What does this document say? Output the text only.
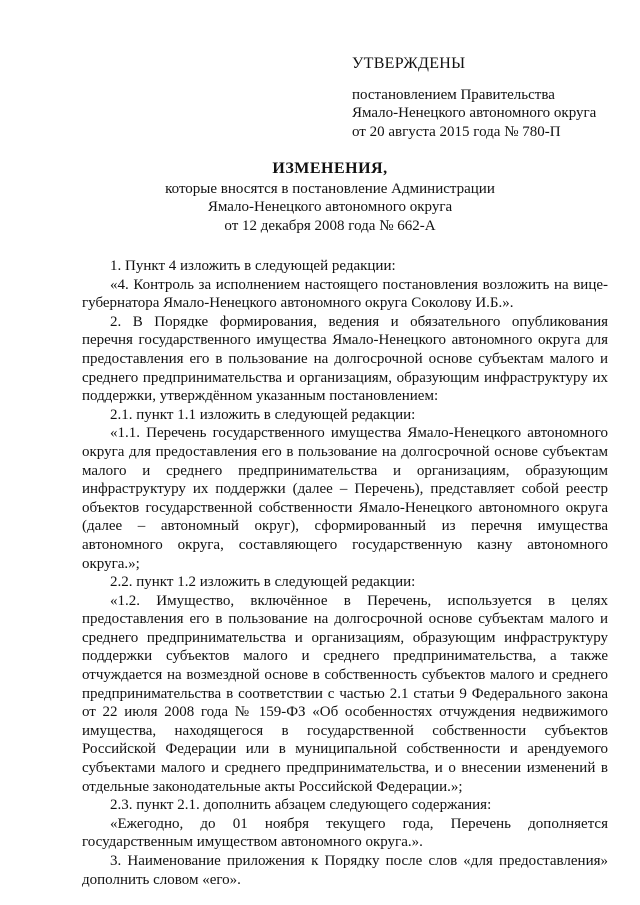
УТВЕРЖДЕНЫ
постановлением Правительства
Ямало-Ненецкого автономного округа
от 20 августа 2015 года № 780-П
ИЗМЕНЕНИЯ,
которые вносятся в постановление Администрации
Ямало-Ненецкого автономного округа
от 12 декабря 2008 года № 662-А

1. Пункт 4 изложить в следующей редакции:

«4. Контроль за исполнением настоящего постановления возложить на вице-губернатора Ямало-Ненецкого автономного округа Соколову И.Б.».

2. В Порядке формирования, ведения и обязательного опубликования перечня государственного имущества Ямало-Ненецкого автономного округа для предоставления его в пользование на долгосрочной основе субъектам малого и среднего предпринимательства и организациям, образующим инфраструктуру их поддержки, утверждённом указанным постановлением:

2.1. пункт 1.1 изложить в следующей редакции:

«1.1. Перечень государственного имущества Ямало-Ненецкого автономного округа для предоставления его в пользование на долгосрочной основе субъектам малого и среднего предпринимательства и организациям, образующим инфраструктуру их поддержки (далее – Перечень), представляет собой реестр объектов государственной собственности Ямало-Ненецкого автономного округа (далее – автономный округ), сформированный из перечня имущества автономного округа, составляющего государственную казну автономного округа.»;

2.2. пункт 1.2 изложить в следующей редакции:

«1.2. Имущество, включённое в Перечень, используется в целях предоставления его в пользование на долгосрочной основе субъектам малого и среднего предпринимательства и организациям, образующим инфраструктуру поддержки субъектов малого и среднего предпринимательства, а также отчуждается на возмездной основе в собственность субъектов малого и среднего предпринимательства в соответствии с частью 2.1 статьи 9 Федерального закона от 22 июля 2008 года № 159-ФЗ «Об особенностях отчуждения недвижимого имущества, находящегося в государственной собственности субъектов Российской Федерации или в муниципальной собственности и арендуемого субъектами малого и среднего предпринимательства, и о внесении изменений в отдельные законодательные акты Российской Федерации.»;

2.3. пункт 2.1. дополнить абзацем следующего содержания:

«Ежегодно, до 01 ноября текущего года, Перечень дополняется государственным имуществом автономного округа.».

3. Наименование приложения к Порядку после слов «для предоставления» дополнить словом «его».
